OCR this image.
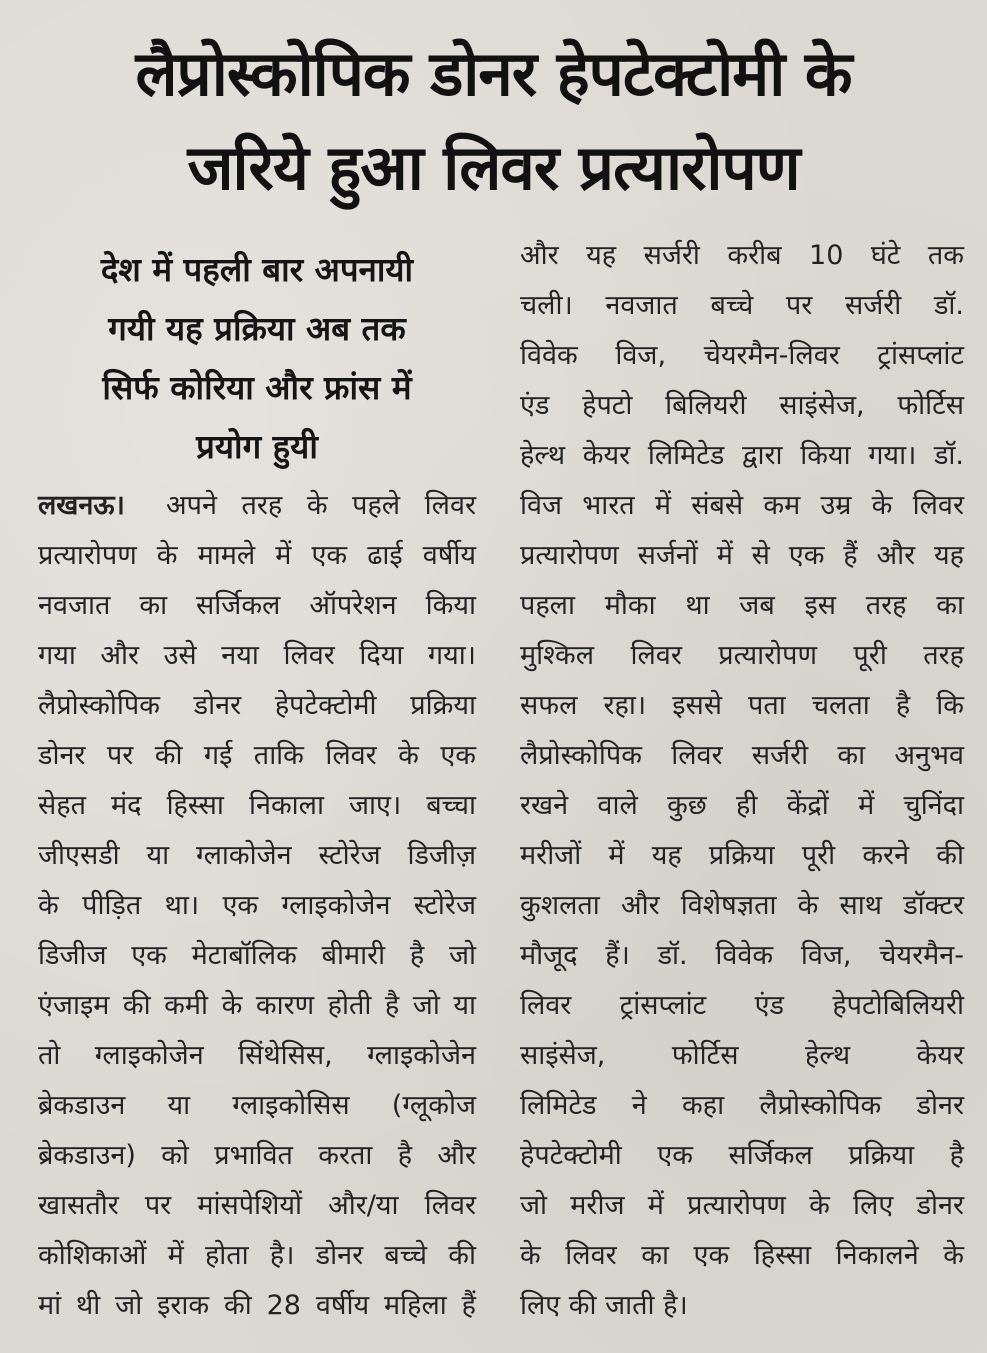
लैप्रोस्कोपिक डोनर हेपटेक्टोमी के
जरिये हुआ लिवर प्रत्यारोपण
देश में पहली बार अपनायी
गयी यह प्रक्रिया अब तक
सिर्फ कोरिया और फ्रांस में
प्रयोग हुयी
लखनऊ।	अपने तरह के पहले लिवर
प्रत्यारोपण के मामले में एक ढाई वर्षीय
नवजात का सर्जिकल ऑपरेशन किया
गया और उसे नया लिवर दिया गया।
लैप्रोस्कोपिक डोनर हेपटेक्टोमी प्रक्रिया
डोनर पर की गई ताकि लिवर के एक
सेहत मंद हिस्सा निकाला जाए। बच्चा
जीएसडी या ग्लाकोजेन स्टोरेज डिजीज़
के पीड़ित था। एक ग्लाइकोजेन स्टोरेज
डिजीज एक मेटाबॉलिक बीमारी है जो
एंजाइम की कमी के कारण होती है जो या
तो ग्लाइकोजेन सिंथेसिस, ग्लाइकोजेन
ब्रेकडाउन या ग्लाइकोसिस (ग्लूकोज
ब्रेकडाउन) को प्रभावित करता है और
खासतौर पर मांसपेशियों और/या लिवर
कोशिकाओं में होता है। डोनर बच्चे की
मां थी जो इराक की 28 वर्षीय महिला हैं
और यह सर्जरी करीब 10 घंटे तक
चली। नवजात बच्चे पर सर्जरी डॉ.
विवेक विज, चेयरमैन-लिवर ट्रांसप्लांट
एंड हेपटो बिलियरी साइंसेज, फोर्टिस
हेल्थ केयर लिमिटेड द्वारा किया गया। डॉ.
विज भारत में संबसे कम उम्र के लिवर
प्रत्यारोपण सर्जनों में से एक हैं और यह
पहला मौका था जब इस तरह का
मुश्किल लिवर प्रत्यारोपण पूरी तरह
सफल रहा। इससे पता चलता है कि
लैप्रोस्कोपिक लिवर सर्जरी का अनुभव
रखने वाले कुछ ही केंद्रों में चुनिंदा
मरीजों में यह प्रक्रिया पूरी करने की
कुशलता और विशेषज्ञता के साथ डॉक्टर
मौजूद हैं। डॉ. विवेक विज, चेयरमैन-
लिवर ट्रांसप्लांट एंड हेपटोबिलियरी
साइंसेज, फोर्टिस हेल्थ केयर
लिमिटेड ने कहा लैप्रोस्कोपिक डोनर
हेपटेक्टोमी एक सर्जिकल प्रक्रिया है
जो मरीज में प्रत्यारोपण के लिए डोनर
के लिवर का एक हिस्सा निकालने के
लिए की जाती है।
